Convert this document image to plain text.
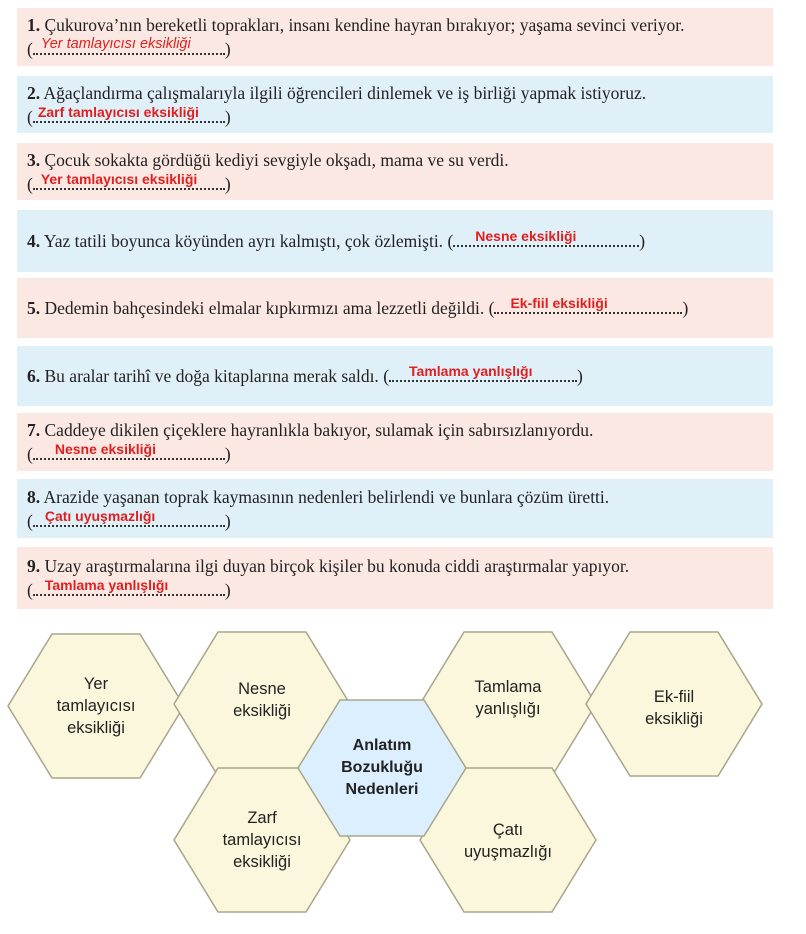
1. Çukurova’nın bereketli toprakları, insanı kendine hayran bırakıyor; yaşama sevinci veriyor.
( Yer tamlayıcısı eksikliği )
2. Ağaçlandırma çalışmalarıyla ilgili öğrencileri dinlemek ve iş birliği yapmak istiyoruz.
( Zarf tamlayıcısı eksikliği )
3. Çocuk sokakta gördüğü kediyi sevgiyle okşadı, mama ve su verdi.
( Yer tamlayıcısı eksikliği )
4. Yaz tatili boyunca köyünden ayrı kalmıştı, çok özlemişti. ( Nesne eksikliği	)
5. Dedemin bahçesindeki elmalar kıpkırmızı ama lezzetli değildi. ( Ek-fiil eksikliği	)
6. Bu aralar tarihî ve doğa kitaplarına merak saldı. ( Tamlama yanlışlığı	)
7. Caddeye dikilen çiçeklere hayranlıkla bakıyor, sulamak için sabırsızlanıyordu.
( Nesne eksikliği	)
8. Arazide yaşanan toprak kaymasının nedenleri belirlendi ve bunlara çözüm üretti.
( Çatı uyuşmazlığı	)
9. Uzay araştırmalarına ilgi duyan birçok kişiler bu konuda ciddi araştırmalar yapıyor.
( Tamlama yanlışlığı	)
Yer
tamlayıcısı
eksikliği
Nesne
eksikliği
Tamlama
yanlışlığı
Ek-fiil
eksikliği
Anlatım
Bozukluğu
Nedenleri
Zarf
tamlayıcısı
eksikliği
Çatı
uyuşmazlığı
